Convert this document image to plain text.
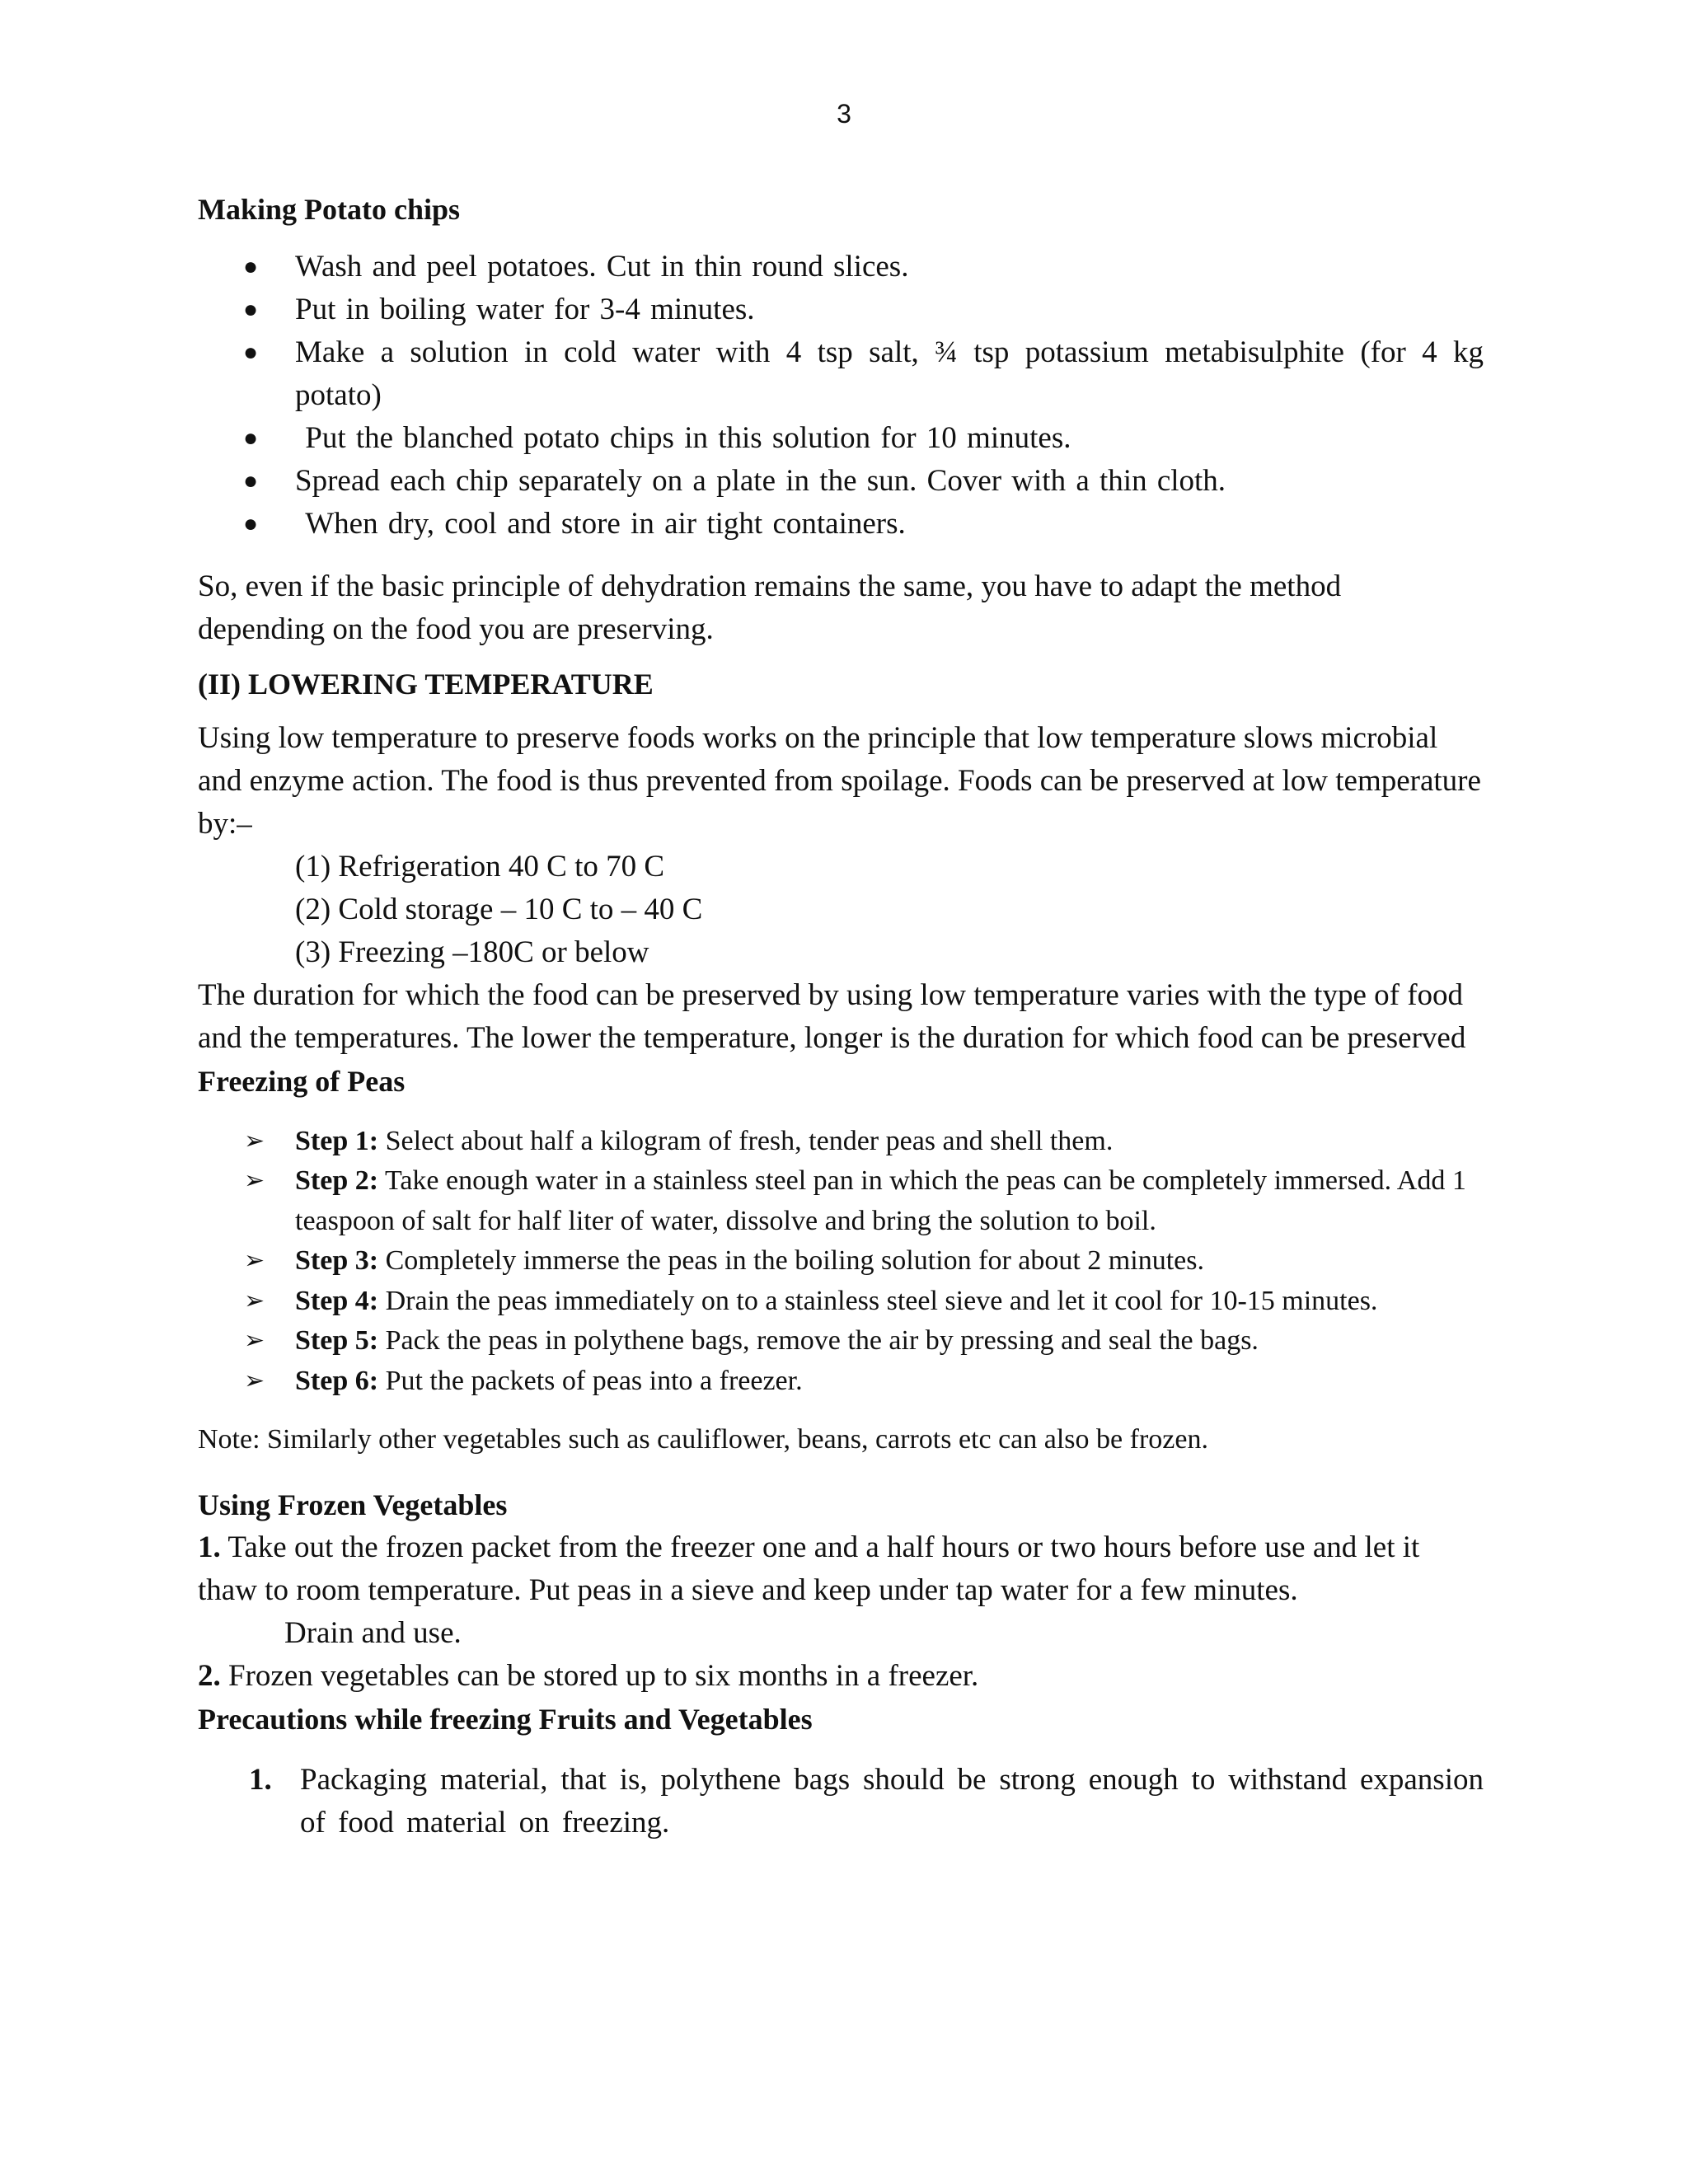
3

Making Potato chips

● Wash and peel potatoes. Cut in thin round slices.
● Put in boiling water for 3-4 minutes.
● Make a solution in cold water with 4 tsp salt, ¾ tsp potassium metabisulphite (for 4 kg potato)
● Put the blanched potato chips in this solution for 10 minutes.
● Spread each chip separately on a plate in the sun. Cover with a thin cloth.
● When dry, cool and store in air tight containers.

So, even if the basic principle of dehydration remains the same, you have to adapt the method depending on the food you are preserving.

(II) LOWERING TEMPERATURE

Using low temperature to preserve foods works on the principle that low temperature slows microbial and enzyme action. The food is thus prevented from spoilage. Foods can be preserved at low temperature by:–

(1) Refrigeration 40 C to 70 C
(2) Cold storage – 10 C to – 40 C
(3) Freezing –180C or below

The duration for which the food can be preserved by using low temperature varies with the type of food and the temperatures. The lower the temperature, longer is the duration for which food can be preserved

Freezing of Peas

➢ Step 1: Select about half a kilogram of fresh, tender peas and shell them.
➢ Step 2: Take enough water in a stainless steel pan in which the peas can be completely immersed. Add 1 teaspoon of salt for half liter of water, dissolve and bring the solution to boil.
➢ Step 3: Completely immerse the peas in the boiling solution for about 2 minutes.
➢ Step 4: Drain the peas immediately on to a stainless steel sieve and let it cool for 10-15 minutes.
➢ Step 5: Pack the peas in polythene bags, remove the air by pressing and seal the bags.
➢ Step 6: Put the packets of peas into a freezer.

Note: Similarly other vegetables such as cauliflower, beans, carrots etc can also be frozen.

Using Frozen Vegetables

1. Take out the frozen packet from the freezer one and a half hours or two hours before use and let it thaw to room temperature. Put peas in a sieve and keep under tap water for a few minutes.

Drain and use.

2. Frozen vegetables can be stored up to six months in a freezer.

Precautions while freezing Fruits and Vegetables

1. Packaging material, that is, polythene bags should be strong enough to withstand expansion of food material on freezing.
